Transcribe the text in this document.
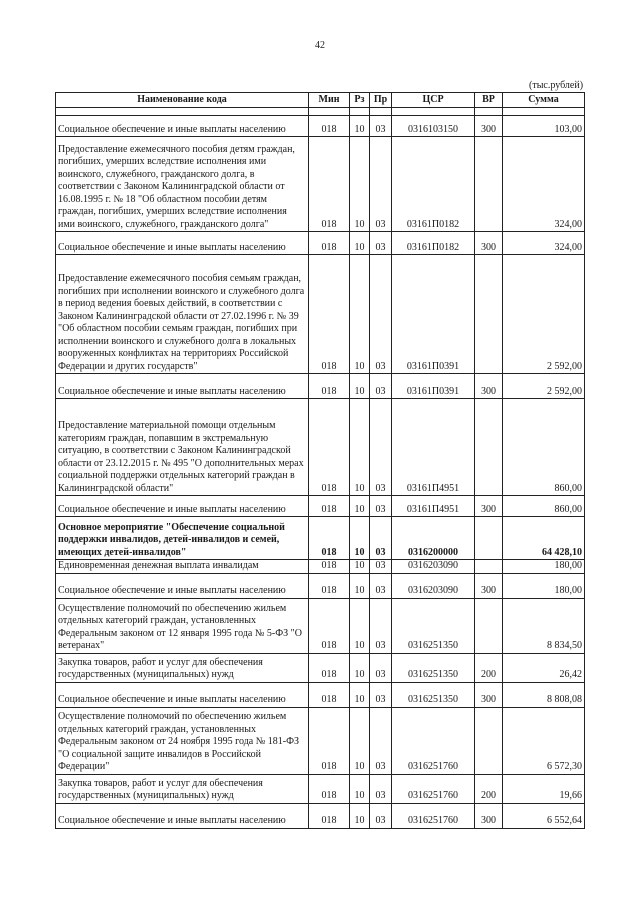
42
(тыс.рублей)
Наименование кода	Мин	Рз	Пр	ЦСР	ВР	Сумма

Социальное обеспечение и иные выплаты населению	018	10	03	0316103150	300	103,00
Предоставление ежемесячного пособия детям граждан, погибших, умерших вследствие исполнения ими воинского, служебного, гражданского долга, в соответствии с Законом Калининградской области от 16.08.1995 г. № 18 "Об областном пособии детям граждан, погибших, умерших вследствие исполнения ими воинского, служебного, гражданского долга"	018	10	03	03161П0182		324,00
Социальное обеспечение и иные выплаты населению	018	10	03	03161П0182	300	324,00
Предоставление ежемесячного пособия семьям граждан, погибших при исполнении воинского и служебного долга в период ведения боевых действий, в соответствии с Законом Калининградской области от 27.02.1996 г. № 39 "Об областном пособии семьям граждан, погибших при исполнении воинского и служебного долга в локальных вооруженных конфликтах на территориях Российской Федерации и других государств"	018	10	03	03161П0391		2 592,00
Социальное обеспечение и иные выплаты населению	018	10	03	03161П0391	300	2 592,00
Предоставление материальной помощи отдельным категориям граждан, попавшим в экстремальную ситуацию, в соответствии с Законом Калининградской области от 23.12.2015 г. № 495 "О дополнительных мерах социальной поддержки отдельных категорий граждан в Калининградской области"	018	10	03	03161П4951		860,00
Социальное обеспечение и иные выплаты населению	018	10	03	03161П4951	300	860,00
Основное мероприятие "Обеспечение социальной поддержки инвалидов, детей-инвалидов и семей, имеющих детей-инвалидов"	018	10	03	0316200000		64 428,10
Единовременная денежная выплата инвалидам	018	10	03	0316203090		180,00
Социальное обеспечение и иные выплаты населению	018	10	03	0316203090	300	180,00
Осуществление полномочий по обеспечению жильем отдельных категорий граждан, установленных Федеральным законом от 12 января 1995 года № 5-ФЗ "О ветеранах"	018	10	03	0316251350		8 834,50
Закупка товаров, работ и услуг для обеспечения государственных (муниципальных) нужд	018	10	03	0316251350	200	26,42
Социальное обеспечение и иные выплаты населению	018	10	03	0316251350	300	8 808,08
Осуществление полномочий по обеспечению жильем отдельных категорий граждан, установленных Федеральным законом от 24 ноября 1995 года № 181-ФЗ "О социальной защите инвалидов в Российской Федерации"	018	10	03	0316251760		6 572,30
Закупка товаров, работ и услуг для обеспечения государственных (муниципальных) нужд	018	10	03	0316251760	200	19,66
Социальное обеспечение и иные выплаты населению	018	10	03	0316251760	300	6 552,64
